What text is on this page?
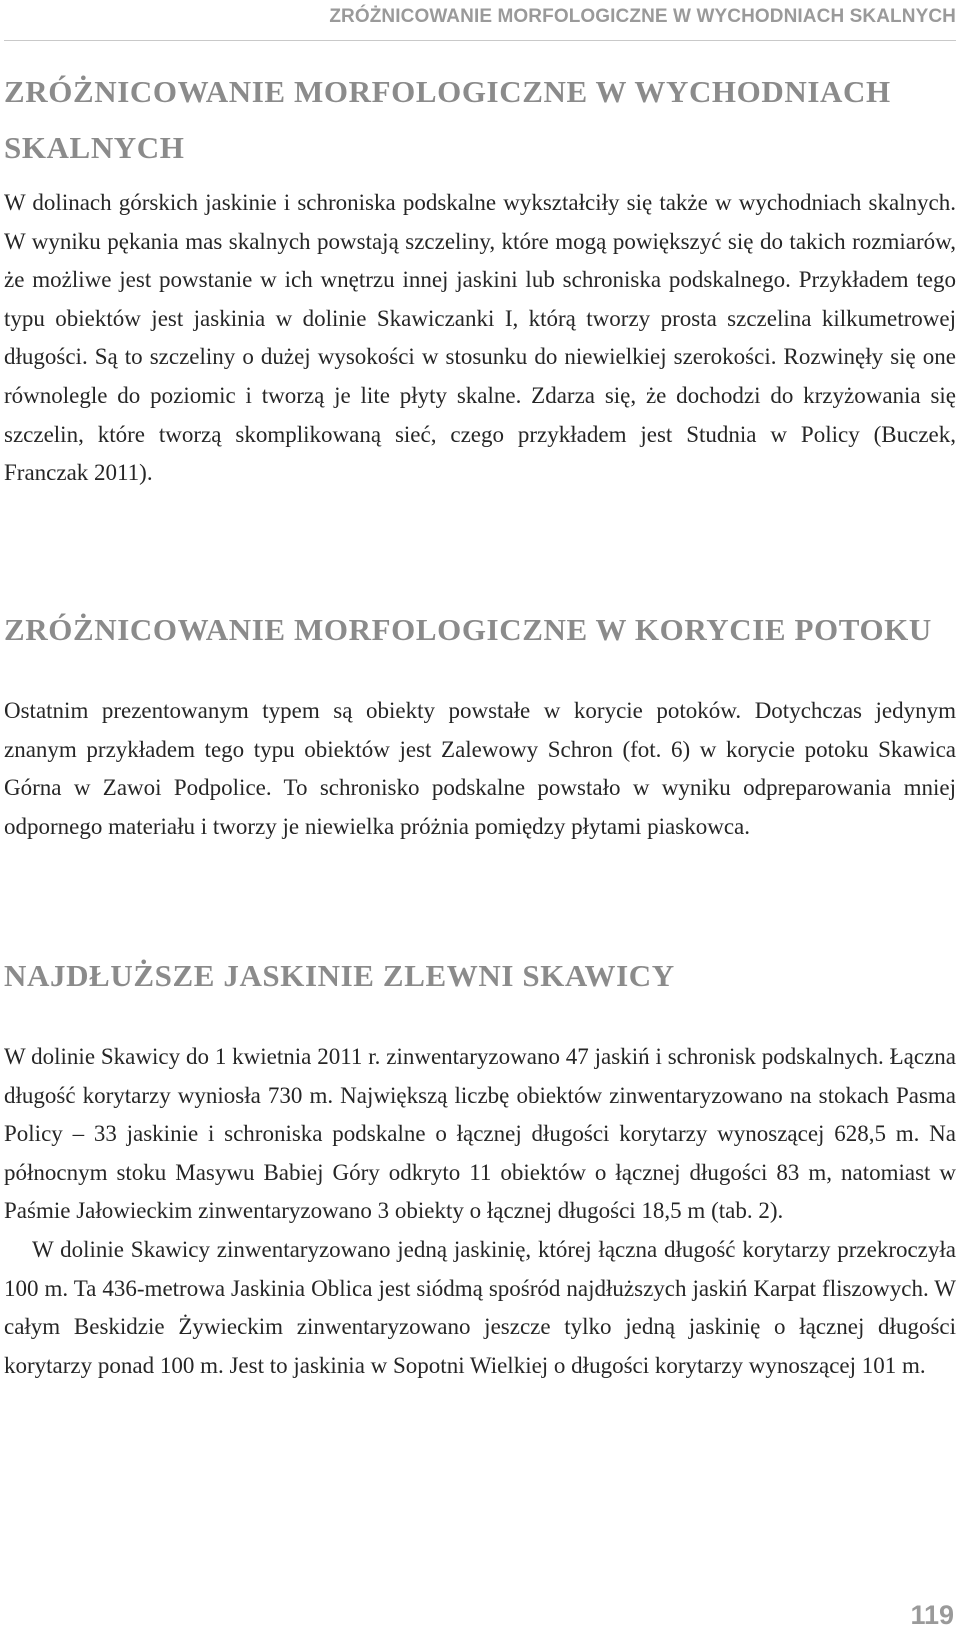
ZRÓŻNICOWANIE MORFOLOGICZNE W WYCHODNIACH SKALNYCH
ZRÓŻNICOWANIE MORFOLOGICZNE W WYCHODNIACH SKALNYCH

W dolinach górskich jaskinie i schroniska podskalne wykształciły się także w wychodniach skalnych. W wyniku pękania mas skalnych powstają szczeliny, które mogą powiększyć się do takich rozmiarów, że możliwe jest powstanie w ich wnętrzu innej jaskini lub schroniska podskalnego. Przykładem tego typu obiektów jest jaskinia w dolinie Skawiczanki I, którą tworzy prosta szczelina kilkumetrowej długości. Są to szczeliny o dużej wysokości w stosunku do niewielkiej szerokości. Rozwinęły się one równolegle do poziomic i tworzą je lite płyty skalne. Zdarza się, że dochodzi do krzyżowania się szczelin, które tworzą skomplikowaną sieć, czego przykładem jest Studnia w Policy (Buczek, Franczak 2011).

ZRÓŻNICOWANIE MORFOLOGICZNE W KORYCIE POTOKU

Ostatnim prezentowanym typem są obiekty powstałe w korycie potoków. Dotychczas jedynym znanym przykładem tego typu obiektów jest Zalewowy Schron (fot. 6) w korycie potoku Skawica Górna w Zawoi Podpolice. To schronisko podskalne powstało w wyniku odpreparowania mniej odpornego materiału i tworzy je niewielka próżnia pomiędzy płytami piaskowca.

NAJDŁUŻSZE JASKINIE ZLEWNI SKAWICY

W dolinie Skawicy do 1 kwietnia 2011 r. zinwentaryzowano 47 jaskiń i schronisk podskalnych. Łączna długość korytarzy wyniosła 730 m. Największą liczbę obiektów zinwentaryzowano na stokach Pasma Policy – 33 jaskinie i schroniska podskalne o łącznej długości korytarzy wynoszącej 628,5 m. Na północnym stoku Masywu Babiej Góry odkryto 11 obiektów o łącznej długości 83 m, natomiast w Paśmie Jałowieckim zinwentaryzowano 3 obiekty o łącznej długości 18,5 m (tab. 2).

W dolinie Skawicy zinwentaryzowano jedną jaskinię, której łączna długość korytarzy przekroczyła 100 m. Ta 436-metrowa Jaskinia Oblica jest siódmą spośród najdłuższych jaskiń Karpat fliszowych. W całym Beskidzie Żywieckim zinwentaryzowano jeszcze tylko jedną jaskinię o łącznej długości korytarzy ponad 100 m. Jest to jaskinia w Sopotni Wielkiej o długości korytarzy wynoszącej 101 m.

119
